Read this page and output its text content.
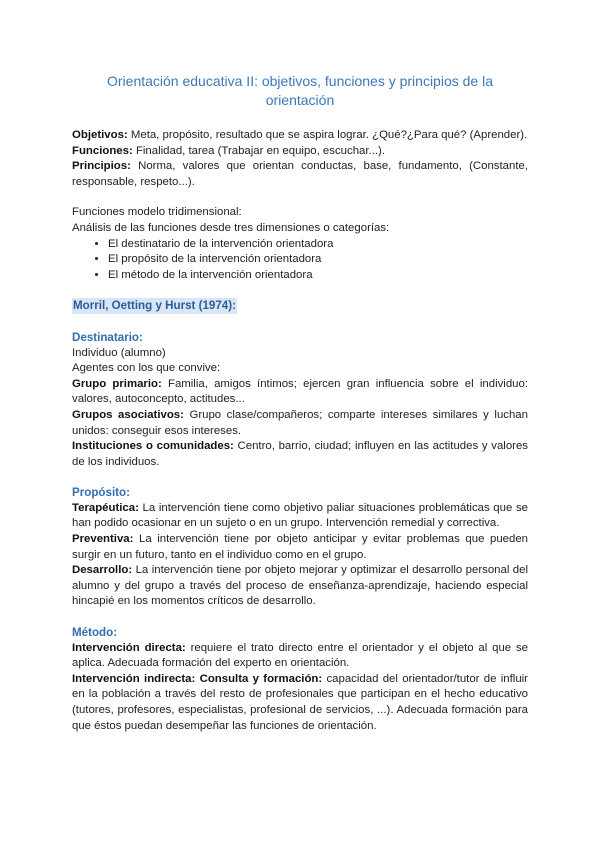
Orientación educativa II: objetivos, funciones y principios de la orientación

Objetivos: Meta, propósito, resultado que se aspira lograr. ¿Qué?¿Para qué? (Aprender).

Funciones: Finalidad, tarea (Trabajar en equipo, escuchar...).

Principios: Norma, valores que orientan conductas, base, fundamento, (Constante, responsable, respeto...).

Funciones modelo tridimensional:

Análisis de las funciones desde tres dimensiones o categorías:

• El destinatario de la intervención orientadora
• El propósito de la intervención orientadora
• El método de la intervención orientadora

Morril, Oetting y Hurst (1974):

Destinatario:

Individuo (alumno)

Agentes con los que convive:

Grupo primario: Familia, amigos íntimos; ejercen gran influencia sobre el individuo: valores, autoconcepto, actitudes...

Grupos asociativos: Grupo clase/compañeros; comparte intereses similares y luchan unidos: conseguir esos intereses.

Instituciones o comunidades: Centro, barrio, ciudad; influyen en las actitudes y valores de los individuos.

Propósito:

Terapéutica: La intervención tiene como objetivo paliar situaciones problemáticas que se han podido ocasionar en un sujeto o en un grupo. Intervención remedial y correctiva.

Preventiva: La intervención tiene por objeto anticipar y evitar problemas que pueden surgir en un futuro, tanto en el individuo como en el grupo.

Desarrollo: La intervención tiene por objeto mejorar y optimizar el desarrollo personal del alumno y del grupo a través del proceso de enseñanza-aprendizaje, haciendo especial hincapié en los momentos críticos de desarrollo.

Método:

Intervención directa: requiere el trato directo entre el orientador y el objeto al que se aplica. Adecuada formación del experto en orientación.

Intervención indirecta: Consulta y formación: capacidad del orientador/tutor de influir en la población a través del resto de profesionales que participan en el hecho educativo (tutores, profesores, especialistas, profesional de servicios, ...). Adecuada formación para que éstos puedan desempeñar las funciones de orientación.
